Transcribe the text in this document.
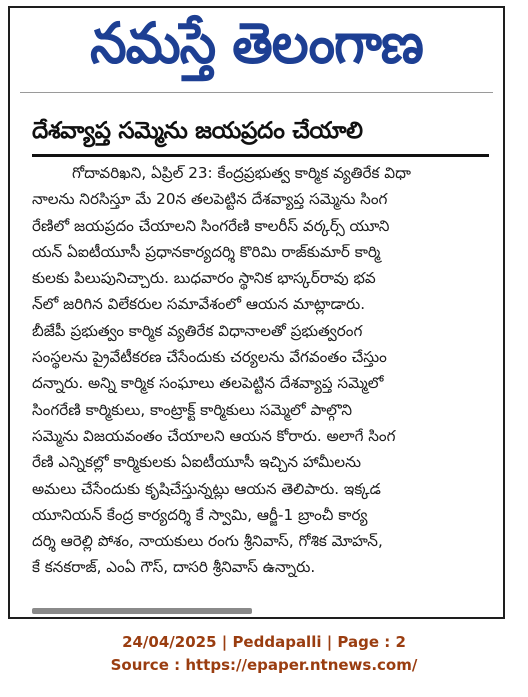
నమస్తే తెలంగాణ
దేశవ్యాప్త సమ్మెను జయప్రదం చేయాలి
గోదావరిఖని, ఏప్రిల్ 23: కేంద్రప్రభుత్వ కార్మిక వ్యతిరేక విధా
నాలను నిరసిస్తూ మే 20న తలపెట్టిన దేశవ్యాప్త సమ్మెను సింగ
రేణిలో జయప్రదం చేయాలని సింగరేణి కాలరీస్ వర్కర్స్ యూని
యన్ ఏఐటీయూసీ ప్రధానకార్యదర్శి కొరిమి రాజ్‌కుమార్ కార్మి
కులకు పిలుపునిచ్చారు. బుధవారం స్థానిక భాస్కర్‌రావు భవ
న్‌లో జరిగిన విలేకరుల సమావేశంలో ఆయన మాట్లాడారు.
బీజేపీ ప్రభుత్వం కార్మిక వ్యతిరేక విధానాలతో ప్రభుత్వరంగ
సంస్థలను ప్రైవేటీకరణ చేసేందుకు చర్యలను వేగవంతం చేస్తుం
దన్నారు. అన్ని కార్మిక సంఘాలు తలపెట్టిన దేశవ్యాప్త సమ్మెలో
సింగరేణి కార్మికులు, కాంట్రాక్ట్ కార్మికులు సమ్మెలో పాల్గొని
సమ్మెను విజయవంతం చేయాలని ఆయన కోరారు. అలాగే సింగ
రేణి ఎన్నికల్లో కార్మికులకు ఏఐటీయూసీ ఇచ్చిన హామీలను
అమలు చేసేందుకు కృషిచేస్తున్నట్లు ఆయన తెలిపారు. ఇక్కడ
యూనియన్ కేంద్ర కార్యదర్శి కే స్వామి, ఆర్జీ-1 బ్రాంచీ కార్య
దర్శి ఆరెల్లి పోశం, నాయకులు రంగు శ్రీనివాస్, గోశిక మోహన్,
కే కనకరాజ్, ఎంఏ గౌస్, దాసరి శ్రీనివాస్ ఉన్నారు.
24/04/2025 | Peddapalli | Page : 2
Source : https://epaper.ntnews.com/
